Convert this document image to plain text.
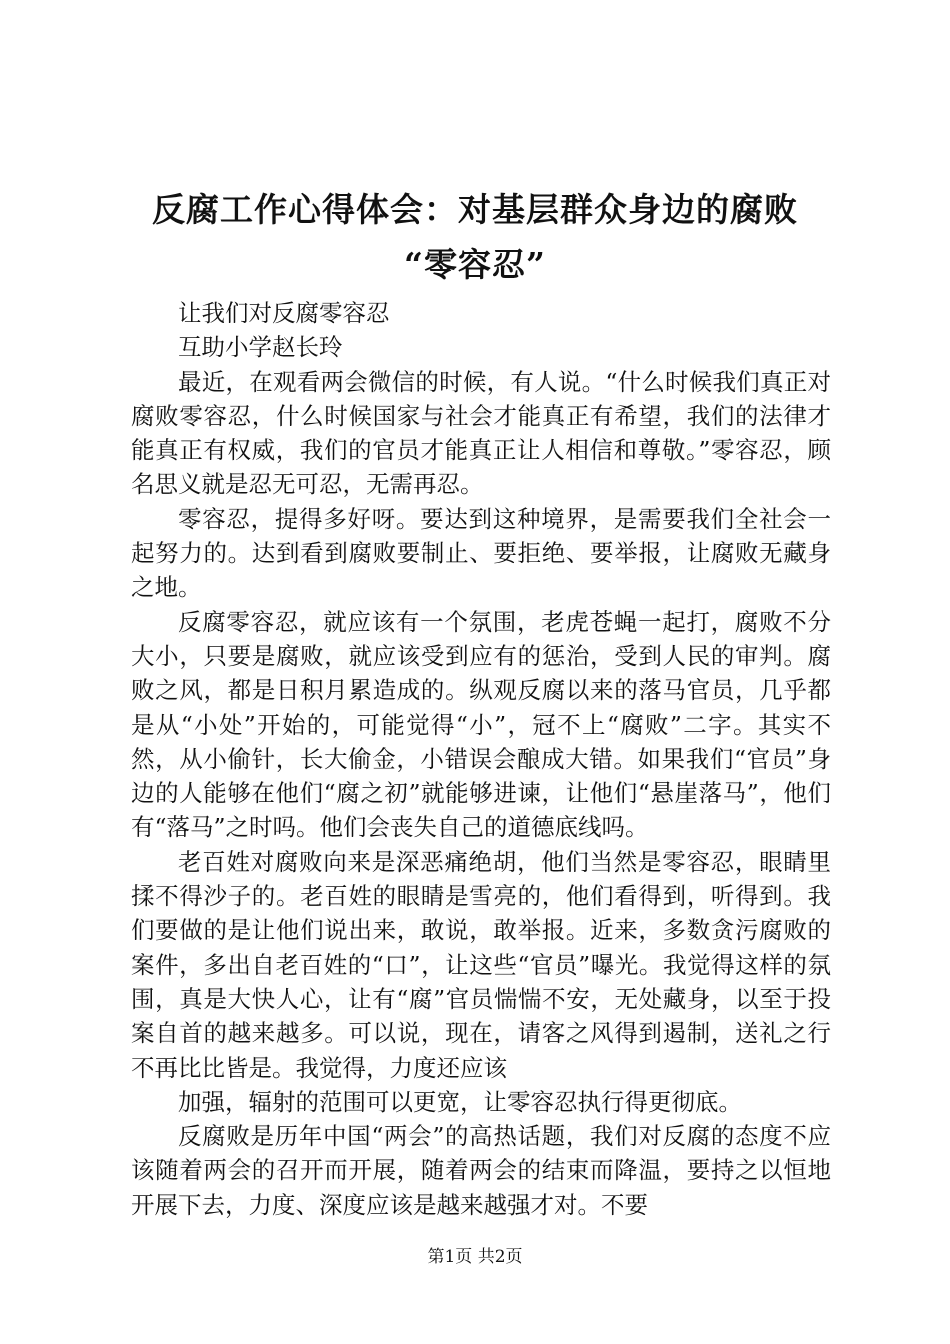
反腐工作心得体会：对基层群众身边的腐败
“零容忍”

让我们对反腐零容忍

互助小学赵长玲

最近，在观看两会微信的时候，有人说。“什么时候我们真正对腐败零容忍，什么时候国家与社会才能真正有希望，我们的法律才能真正有权威，我们的官员才能真正让人相信和尊敬。”零容忍，顾名思义就是忍无可忍，无需再忍。

零容忍，提得多好呀。要达到这种境界，是需要我们全社会一起努力的。达到看到腐败要制止、要拒绝、要举报，让腐败无藏身之地。

反腐零容忍，就应该有一个氛围，老虎苍蝇一起打，腐败不分大小，只要是腐败，就应该受到应有的惩治，受到人民的审判。腐败之风，都是日积月累造成的。纵观反腐以来的落马官员，几乎都是从“小处”开始的，可能觉得“小”，冠不上“腐败”二字。其实不然，从小偷针，长大偷金，小错误会酿成大错。如果我们“官员”身边的人能够在他们“腐之初”就能够进谏，让他们“悬崖落马”，他们有“落马”之时吗。他们会丧失自己的道德底线吗。

老百姓对腐败向来是深恶痛绝胡，他们当然是零容忍，眼睛里揉不得沙子的。老百姓的眼睛是雪亮的，他们看得到，听得到。我们要做的是让他们说出来，敢说，敢举报。近来，多数贪污腐败的案件，多出自老百姓的“口”，让这些“官员”曝光。我觉得这样的氛围，真是大快人心，让有“腐”官员惴惴不安，无处藏身，以至于投案自首的越来越多。可以说，现在，请客之风得到遏制，送礼之行不再比比皆是。我觉得，力度还应该

加强，辐射的范围可以更宽，让零容忍执行得更彻底。

反腐败是历年中国“两会”的高热话题，我们对反腐的态度不应该随着两会的召开而开展，随着两会的结束而降温，要持之以恒地开展下去，力度、深度应该是越来越强才对。不要

第1页 共2页
